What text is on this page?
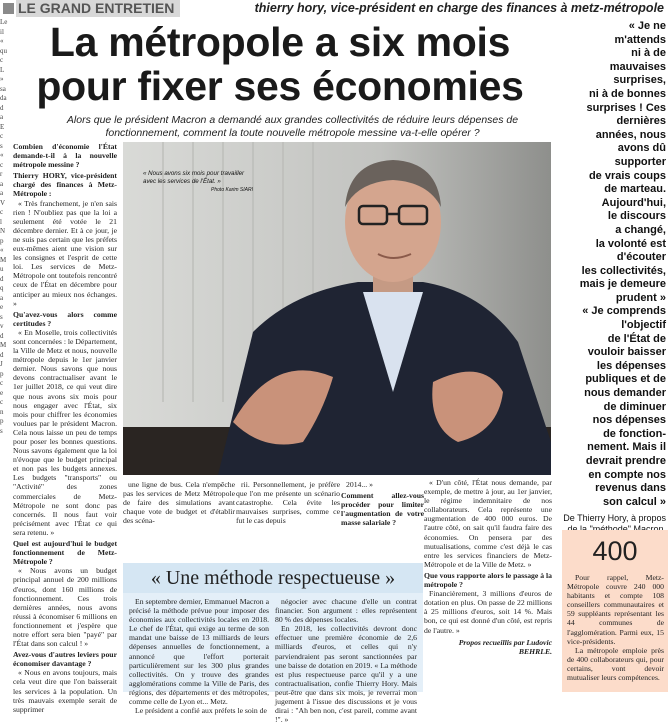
LE GRAND ENTRETIEN	thierry hory, vice-président en charge des finances à metz-métropole
Le
il
«
qu
c
L
»
sa
da
d
a
E
c
s
«
c
r
a
a
V
c
l
N
p
«
M
u
d
q
a
e
s
v
d
M
d
J
p
c
e
c
n
p
s
La métropole a six mois pour fixer ses économies
Alors que le président Macron a demandé aux grandes collectivités de réduire leurs dépenses de fonctionnement, comment la toute nouvelle métropole messine va-t-elle opérer ?
« Je ne
m'attends
ni à de
mauvaises
surprises,
ni à de bonnes
surprises ! Ces
dernières
années, nous
avons dû
supporter
de vrais coups
de marteau.
Aujourd'hui,
le discours
a changé,
la volonté est
d'écouter
les collectivités,
mais je demeure
prudent »
« Je comprends
l'objectif
de l'État de
vouloir baisser
les dépenses
publiques et de
nous demander
de diminuer
nos dépenses
de fonction-
nement. Mais il
devrait prendre
en compte nos
revenus dans
son calcul »
De Thierry Hory, à propos

Combien d'économie l'État demande-t-il à la nouvelle métropole messine ?

Thierry HORY, vice-président chargé des finances à Metz-Métropole :

« Très franchement, je n'en sais rien ! N'oubliez pas que la loi a seulement été votée le 21 décembre dernier. Et à ce jour, je ne suis pas certain que les préfets eux-mêmes aient une vision sur les consignes et l'esprit de cette loi. Les services de Metz-Métropole ont toutefois rencontré ceux de l'État en décembre pour anticiper au mieux nos échanges. »

Qu'avez-vous alors comme certitudes ?

« En Moselle, trois collectivités sont concernées : le Département, la Ville de Metz et nous, nouvelle métropole depuis le 1er janvier dernier. Nous savons que nous devons contractualiser avant le 1er juillet 2018, ce qui veut dire que nous avons six mois pour nous engager avec l'État, six mois pour chiffrer les économies voulues par le président Macron. Cela nous laisse un peu de temps pour poser les bonnes questions. Nous savons également que la loi n'évoque que le budget principal et non pas les budgets annexes. Les budgets "transports" ou "Activité" des zones commerciales de Metz-Métropole ne sont donc pas concernés. Il nous faut voir précisément avec l'État ce qui sera retenu. »

Quel est aujourd'hui le budget fonctionnement de Metz-Métropole ?

« Nous avons un budget principal annuel de 200 millions d'euros, dont 160 millions de fonctionnement. Ces trois dernières années, nous avons réussi à économiser 6 millions en fonctionnement et j'espère que notre effort sera bien "payé" par l'État dans son calcul ! »

Avez-vous d'autres leviers pour économiser davantage ?

« Nous en avons toujours, mais cela veut dire que l'on baisserait les services à la population. Un très mauvais exemple serait de supprimer

« Nous avons six mois pour travailler avec les services de l'État. »
Photo Karim SIARI

une ligne de bus. Cela n'empêche pas les services de Metz Métropole de faire des simulations avant chaque vote de budget et d'établir des scéna-

rii. Personnellement, je préfère que l'on me présente un scénario catastrophe. Cela évite les mauvaises surprises, comme ce fut le cas depuis

2014... »

Comment allez-vous procéder pour limiter l'augmentation de votre masse salariale ?

« D'un côté, l'État nous demande, par exemple, de mettre à jour, au 1er janvier, le régime indemnitaire de nos collaborateurs. Cela représente une augmentation de 400 000 euros. De l'autre côté, on sait qu'il faudra faire des économies. On pensera par des mutualisations, comme c'est déjà le cas entre les services financiers de Metz-Métropole et de la Ville de Metz. »

Que vous rapporte alors le passage à la métropole ?

Financièrement, 3 millions d'euros de dotation en plus. On passe de 22 millions à 25 millions d'euros, soit 14 %. Mais bon, ce qui est donné d'un côté, est repris de l'autre. »

Propos recueillis par Ludovic BEHRLE.

« Une méthode respectueuse »

En septembre dernier, Emmanuel Macron a précisé la méthode prévue pour imposer des économies aux collectivités locales en 2018. Le chef de l'État, qui exige au terme de son mandat une baisse de 13 milliards de leurs dépenses annuelles de fonctionnement, a annoncé que l'effort porterait particulièrement sur les 300 plus grandes collectivités. On y trouve des grandes agglomérations comme la Ville de Paris, des régions, des départements et des métropoles, comme celle de Lyon et... Metz.

Le président a confié aux préfets le soin de

négocier avec chacune d'elle un contrat financier. Son argument : elles représentent 80 % des dépenses locales.

En 2018, les collectivités devront donc effectuer une première économie de 2,6 milliards d'euros, et celles qui n'y parviendraient pas seront sanctionnées par une baisse de dotation en 2019. « La méthode est plus respectueuse parce qu'il y a une contractualisation, confie Thierry Hory. Mais peut-être que dans six mois, je reverrai mon jugement à l'issue des discussions et je vous dirai : "Ah ben non, c'est pareil, comme avant !". »

400

Pour rappel, Metz-Métropole couvre 240 000 habitants et compte 108 conseillers communautaires et 59 suppléants représentant les 44 communes de l'agglomération. Parmi eux, 15 vice-présidents.

La métropole emploie près de 400 collaborateurs qui, pour certains, vont devoir mutualiser leurs compétences.
